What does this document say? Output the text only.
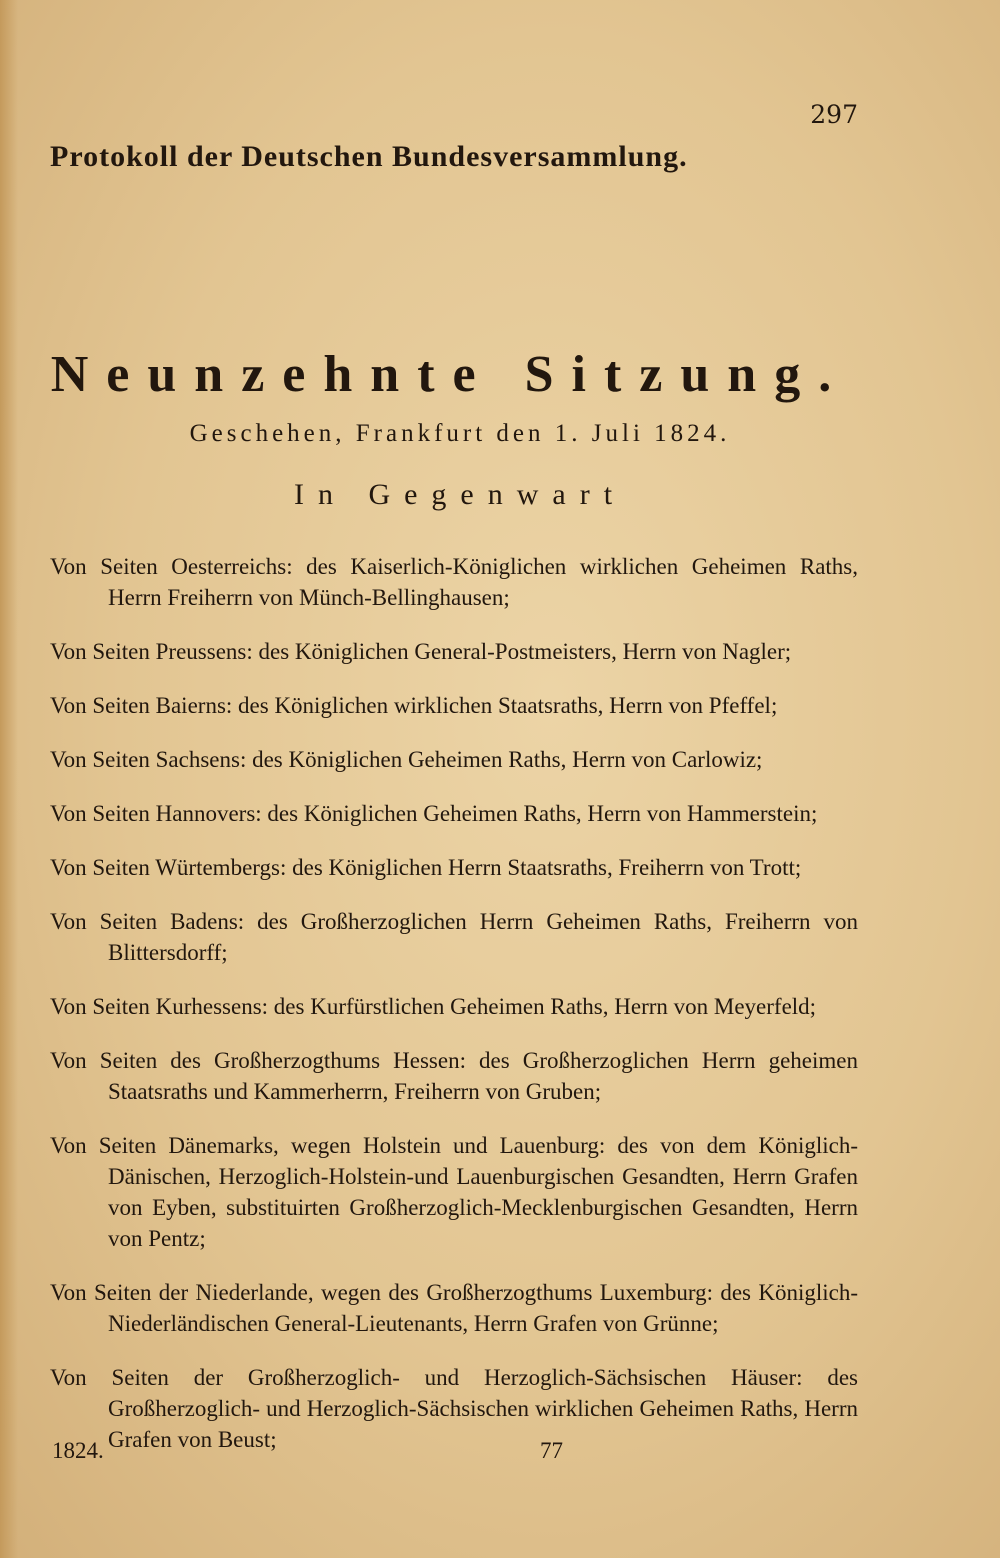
297
Protokoll der Deutschen Bundesversammlung.
Neunzehnte Sitzung.
Geschehen, Frankfurt den 1. Juli 1824.
In Gegenwart

Von Seiten Oesterreichs: des Kaiserlich-Königlichen wirklichen Geheimen Raths, Herrn Freiherrn von Münch-Bellinghausen;

Von Seiten Preussens: des Königlichen General-Postmeisters, Herrn von Nagler;

Von Seiten Baierns: des Königlichen wirklichen Staatsraths, Herrn von Pfeffel;

Von Seiten Sachsens: des Königlichen Geheimen Raths, Herrn von Carlowiz;

Von Seiten Hannovers: des Königlichen Geheimen Raths, Herrn von Hammerstein;

Von Seiten Würtembergs: des Königlichen Herrn Staatsraths, Freiherrn von Trott;

Von Seiten Badens: des Großherzoglichen Herrn Geheimen Raths, Freiherrn von Blittersdorff;

Von Seiten Kurhessens: des Kurfürstlichen Geheimen Raths, Herrn von Meyerfeld;

Von Seiten des Großherzogthums Hessen: des Großherzoglichen Herrn geheimen Staatsraths und Kammerherrn, Freiherrn von Gruben;

Von Seiten Dänemarks, wegen Holstein und Lauenburg: des von dem Königlich-Dänischen, Herzoglich-Holstein-und Lauenburgischen Gesandten, Herrn Grafen von Eyben, substituirten Großherzoglich-Mecklenburgischen Gesandten, Herrn von Pentz;

Von Seiten der Niederlande, wegen des Großherzogthums Luxemburg: des Königlich-Niederländischen General-Lieutenants, Herrn Grafen von Grünne;

Von Seiten der Großherzoglich- und Herzoglich-Sächsischen Häuser: des Großherzoglich- und Herzoglich-Sächsischen wirklichen Geheimen Raths, Herrn Grafen von Beust;

1824.	77
